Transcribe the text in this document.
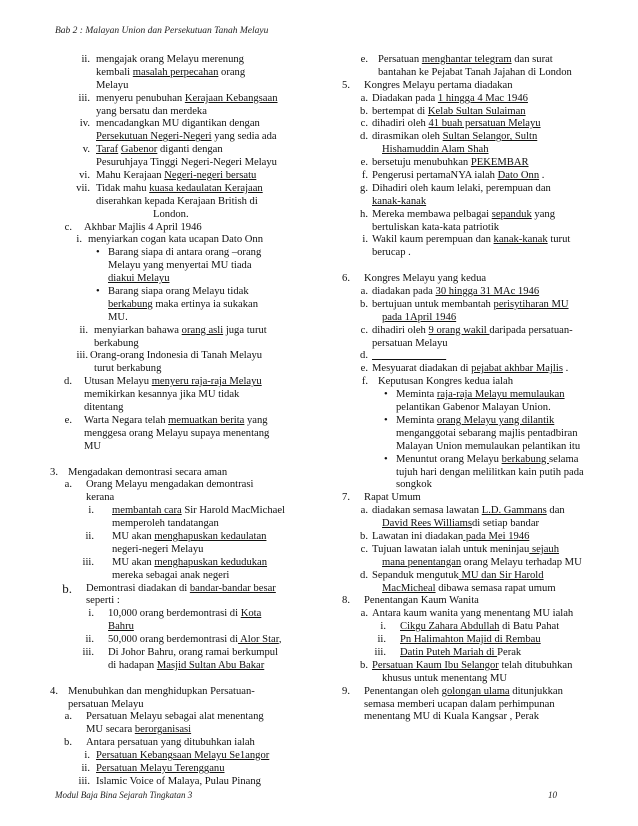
Bab 2 : Malayan Union dan Persekutuan Tanah Melayu
ii. mengajak orang Melayu merenung
kembali masalah perpecahan orang
Melayu
iii. menyeru penubuhan Kerajaan Kebangsaan
yang bersatu dan merdeka
iv. mencadangkan MU digantikan dengan
Persekutuan Negeri-Negeri yang sedia ada
v. Taraf Gabenor diganti dengan
Pesuruhjaya Tinggi Negeri-Negeri Melayu
vi. Mahu Kerajaan Negeri-negeri bersatu
vii. Tidak mahu kuasa kedaulatan Kerajaan
diserahkan kepada Kerajaan British di
London.
c. Akhbar Majlis 4 April 1946
i. menyiarkan cogan kata ucapan Dato Onn
• Barang siapa di antara orang –orang
Melayu yang menyertai MU tiada
diakui Melayu
• Barang siapa orang Melayu tidak
berkabung maka ertinya ia sukakan
MU.
ii. menyiarkan bahawa orang asli juga turut
berkabung
iii. Orang-orang Indonesia di Tanah Melayu
turut berkabung
d. Utusan Melayu menyeru raja-raja Melayu
memikirkan kesannya jika MU tidak
ditentang
e. Warta Negara telah memuatkan berita yang
menggesa orang Melayu supaya menentang
MU
3. Mengadakan demontrasi secara aman
a. Orang Melayu mengadakan demontrasi
kerana
i. membantah cara Sir Harold MacMichael
memperoleh tandatangan
ii. MU akan menghapuskan kedaulatan
negeri-negeri Melayu
iii. MU akan menghapuskan kedudukan
mereka sebagai anak negeri
b. Demontrasi diadakan di bandar-bandar besar
seperti :
i. 10,000 orang berdemontrasi di Kota
Bahru
ii. 50,000 orang berdemontrasi di Alor Star,
iii. Di Johor Bahru, orang ramai berkumpul
di hadapan Masjid Sultan Abu Bakar
4. Menubuhkan dan menghidupkan Persatuan-
persatuan Melayu
a. Persatuan Melayu sebagai alat menentang
MU secara berorganisasi
b. Antara persatuan yang ditubuhkan ialah
i. Persatuan Kebangsaan Melayu Se1angor
ii. Persatuan Melayu Terengganu
iii. Islamic Voice of Malaya, Pulau Pinang
e. Persatuan menghantar telegram dan surat
bantahan ke Pejabat Tanah Jajahan di London
5. Kongres Melayu pertama diadakan
a. Diadakan pada 1 hingga 4 Mac 1946
b. bertempat di Kelab Sultan Sulaiman
c. dihadiri oleh 41 buah persatuan Melayu
d. dirasmikan oleh Sultan Selangor, Sultn
Hishamuddin Alam Shah
e. bersetuju menubuhkan PEKEMBAR
f. Pengerusi pertamaNYA ialah Dato Onn .
g. Dihadiri oleh kaum lelaki, perempuan dan
kanak-kanak
h. Mereka membawa pelbagai sepanduk yang
bertuliskan kata-kata patriotik
i. Wakil kaum perempuan dan kanak-kanak turut
berucap .
6. Kongres Melayu yang kedua
a. diadakan pada 30 hingga 31 MAc 1946
b. bertujuan untuk membantah perisytiharan MU
pada 1April 1946
c. dihadiri oleh 9 orang wakil daripada persatuan-
persatuan Melayu
d.

e. Mesyuarat diadakan di pejabat akhbar Majlis .
f. Keputusan Kongres kedua ialah
• Meminta raja-raja Melayu memulaukan
pelantikan Gabenor Malayan Union.
• Meminta orang Melayu yang dilantik
menganggotai sebarang majlis pentadbiran
Malayan Union memulaukan pelantikan itu
• Menuntut orang Melayu berkabung selama
tujuh hari dengan melilitkan kain putih pada
songkok
7. Rapat Umum
a. diadakan semasa lawatan L.D. Gammans dan
David Rees Williamsdi setiap bandar
b. Lawatan ini diadakan pada Mei 1946
c. Tujuan lawatan ialah untuk meninjau sejauh
mana penentangan orang Melayu terhadap MU
d. Sepanduk mengutuk MU dan Sir Harold
MacMicheal dibawa semasa rapat umum
8. Penentangan Kaum Wanita
a. Antara kaum wanita yang menentang MU ialah
i. Cikgu Zahara Abdullah di Batu Pahat
ii. Pn Halimahton Majid di Rembau
iii. Datin Puteh Mariah di Perak
b. Persatuan Kaum Ibu Selangor telah ditubuhkan
khusus untuk menentang MU
9. Penentangan oleh golongan ulama ditunjukkan
semasa memberi ucapan dalam perhimpunan
menentang MU di Kuala Kangsar , Perak
Modul Baja Bina Sejarah Tingkatan 3	10
